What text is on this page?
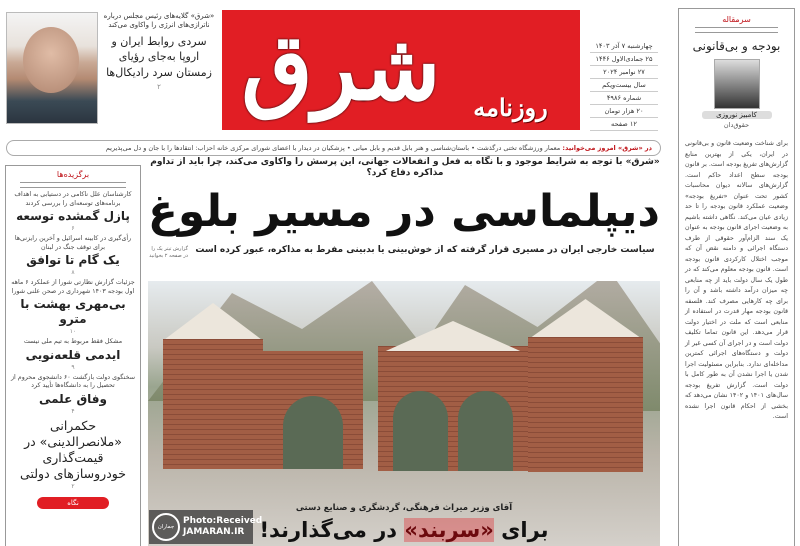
«شرق» گلایه‌های رئیس مجلس درباره ناترازی‌های انرژی را واکاوی می‌کند
سردی روابط ایران و اروپا به‌جای رؤیای زمستان سرد رادیکال‌ها
۲ شرق	روزنامه
چهارشنبه ۷ آذر ۱۴۰۳
۲۵ جمادی‌الاول ۱۴۴۶
۲۷ نوامبر ۲۰۲۴
سال بیست‌ویکم
شماره ۴۹۸۶
۲۰ هزار تومان
۱۲ صفحه
در «شرق» امروز می‌خوانید: معمار ورزشگاه تختی درگذشت • باستان‌شناسی و هنر بابل قدیم و بابل میانی • پزشکیان در دیدار با اعضای شورای مرکزی خانه احزاب: انتقادها را با جان و دل می‌پذیریم
سرمقاله
بودجه و بی‌قانونی
کامبیز نوروزی
حقوق‌دان
برای شناخت وضعیت قانون و بی‌قانونی در ایران، یکی از بهترین منابع گزارش‌های تفریغ بودجه است. بر قانون بودجه سطح اعداد حاکم است. گزارش‌های سالانه دیوان محاسبات کشور تحت عنوان «تفریغ بودجه» وضعیت عملکرد قانون بودجه را تا حد زیادی عیان می‌کند. نگاهی داشته باشیم به وضعیت اجرای قانون بودجه به عنوان یک سند الزام‌آور حقوقی از طرف دستگاه اجرائی و دامنه نقض آن که موجب اختلال کارکردی قانون بودجه است. قانون بودجه معلوم می‌کند که در طول یک سال دولت باید از چه منابعی چه میزان درآمد داشته باشد و آن را برای چه کارهایی مصرف کند. فلسفه قانون بودجه مهار قدرت در استفاده از منابعی است که ملت در اختیار دولت قرار می‌دهد. این قانون تماما تکلیف دولت است و در اجرای آن کسی غیر از دولت و دستگاه‌های اجرائی کمترین مداخله‌ای ندارد. بنابراین مسئولیت اجرا شدن یا اجرا نشدن آن به طور کامل با دولت است. گزارش تفریغ بودجه سال‌های ۱۴۰۱ و ۱۴۰۲ نشان می‌دهد که بخشی از احکام قانون اجرا نشده است.
برگزیده‌ها
کارشناسان علل ناکامی در دستیابی به اهداف برنامه‌های توسعه‌ای را بررسی کردند
پازل گمشده توسعه
۶
رأی‌گیری در کابینه اسرائیل و آخرین رایزنی‌ها برای توقف جنگ در لبنان
یک گام تا توافق
۸
جزئیات گزارش نظارتی شورا از عملکرد ۶ ماهه اول بودجه ۱۴۰۳ شهرداری در صحن علنی شورا
بی‌مهری بهشت با مترو
۱۰
مشکل فقط مربوط به تیم ملی نیست
ایدمی قلعه‌نویی
۹
سخنگوی دولت بازگشت ۶۰ دانشجوی محروم از تحصیل را به دانشگاه‌ها تأیید کرد
وفاق علمی
۴
حکمرانی «ملانصرالدینی» در قیمت‌گذاری خودروسازهای دولتی
۲
نگاه
«شرق» با توجه به شرایط موجود و با نگاه به فعل و انفعالات جهانی، این پرسش را واکاوی می‌کند، چرا باید از تداوم مذاکره دفاع کرد؟
دیپلماسی در مسیر بلوغ
گزارش تیتر یک را در صفحه ۲ بخوانید
سیاست خارجی ایران در مسیری قرار گرفته که از خوش‌بینی یا بدبینی مفرط به مذاکره، عبور کرده است
آقای وزیر میراث فرهنگی، گردشگری و صنایع دستی
برای «سربند» در می‌گذارند!
جماران
Photo:Received
JAMARAN.IR
